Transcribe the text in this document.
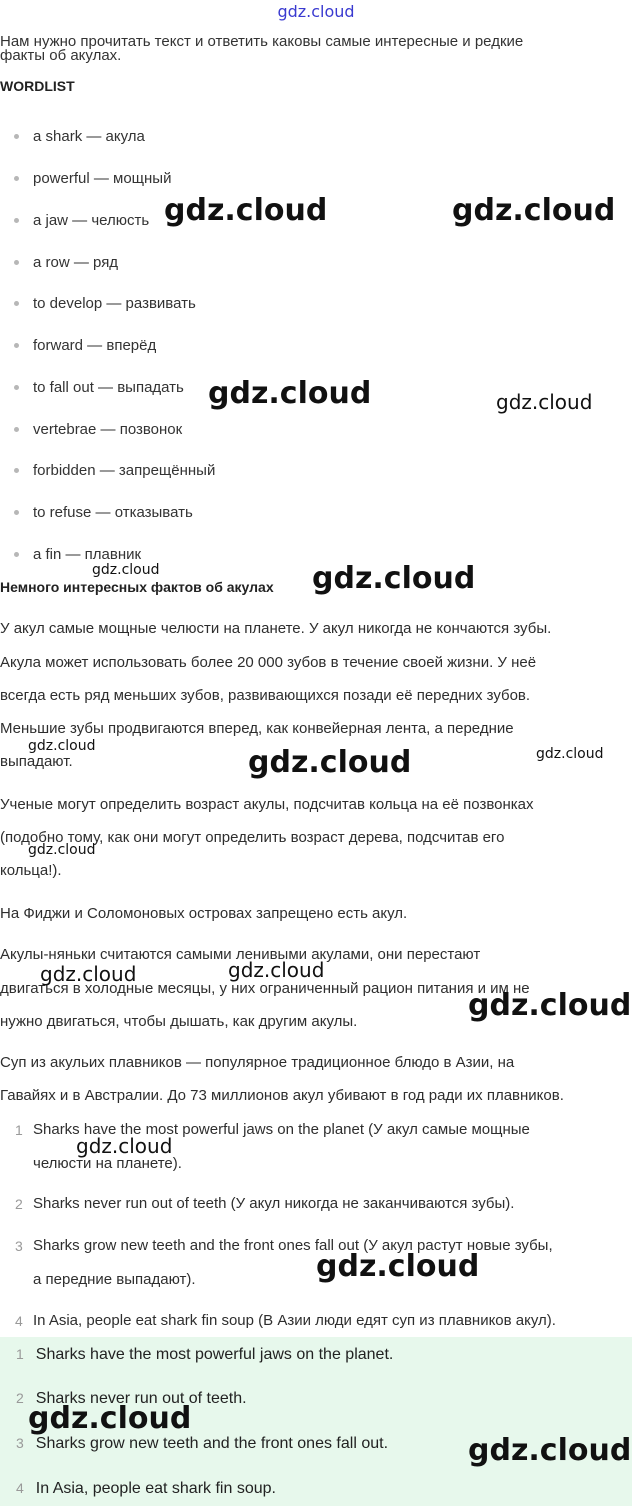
gdz.cloud
Нам нужно прочитать текст и ответить каковы самые интересные и редкие
факты об акулах.
WORDLIST
a shark — акула
powerful — мощный
a jaw — челюсть
a row — ряд
to develop — развивать
forward — вперёд
to fall out — выпадать
vertebrae — позвонок
forbidden — запрещённый
to refuse — отказывать
a fin — плавник
Немного интересных фактов об акулах
У акул самые мощные челюсти на планете. У акул никогда не кончаются зубы.
Акула может использовать более 20 000 зубов в течение своей жизни. У неё
всегда есть ряд меньших зубов, развивающихся позади её передних зубов.
Меньшие зубы продвигаются вперед, как конвейерная лента, а передние
выпадают.
Ученые могут определить возраст акулы, подсчитав кольца на её позвонках
(подобно тому, как они могут определить возраст дерева, подсчитав его
кольца!).
На Фиджи и Соломоновых островах запрещено есть акул.
Акулы-няньки считаются самыми ленивыми акулами, они перестают
двигаться в холодные месяцы, у них ограниченный рацион питания и им не
нужно двигаться, чтобы дышать, как другим акулы.
Суп из акульих плавников — популярное традиционное блюдо в Азии, на
Гавайях и в Австралии. До 73 миллионов акул убивают в год ради их плавников.
1 Sharks have the most powerful jaws on the planet (У акул самые мощные
челюсти на планете).
2 Sharks never run out of teeth (У акул никогда не заканчиваются зубы).
3 Sharks grow new teeth and the front ones fall out (У акул растут новые зубы,
а передние выпадают).
4 In Asia, people eat shark fin soup (В Азии люди едят суп из плавников акул).
1 Sharks have the most powerful jaws on the planet.
2 Sharks never run out of teeth.
3 Sharks grow new teeth and the front ones fall out.
4 In Asia, people eat shark fin soup.
gdz.cloud	gdz.cloud
gdz.cloud	gdz.cloud
gdz.cloud	gdz.cloud
gdz.cloud	gdz.cloud	gdz.cloud
gdz.cloud
gdz.cloud	gdz.cloud
gdz.cloud
gdz.cloud
gdz.cloud
gdz.cloud
gdz.cloud
